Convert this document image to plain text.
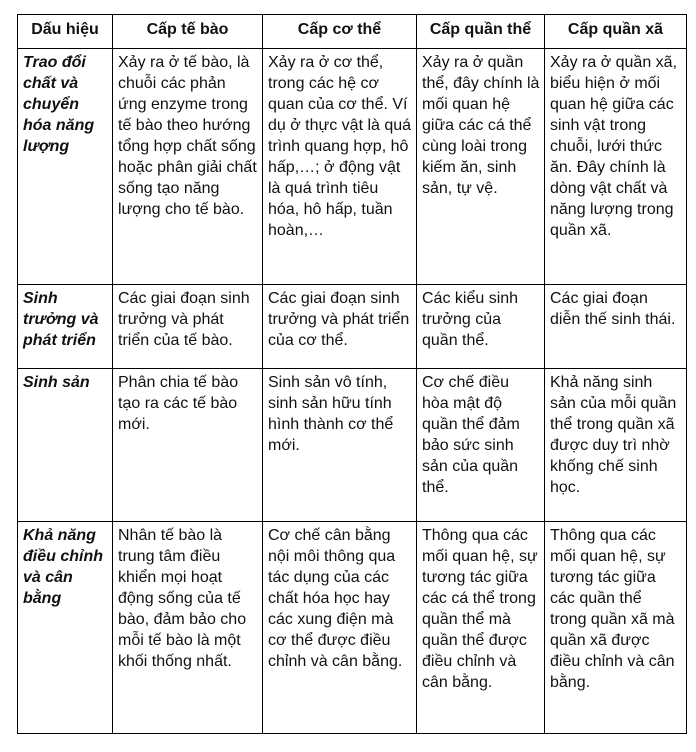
Dấu hiệu	Cấp tế bào	Cấp cơ thể	Cấp quần thể	Cấp quần xã
Trao đổi chất và chuyển hóa năng lượng	Xảy ra ở tế bào, là chuỗi các phản ứng enzyme trong tế bào theo hướng tổng hợp chất sống hoặc phân giải chất sống tạo năng lượng cho tế bào.	Xảy ra ở cơ thể, trong các hệ cơ quan của cơ thể. Ví dụ ở thực vật là quá trình quang hợp, hô hấp,…; ở động vật là quá trình tiêu hóa, hô hấp, tuần hoàn,…	Xảy ra ở quần thể, đây chính là mối quan hệ giữa các cá thể cùng loài trong kiếm ăn, sinh sản, tự vệ.	Xảy ra ở quần xã, biểu hiện ở mối quan hệ giữa các sinh vật trong chuỗi, lưới thức ăn. Đây chính là dòng vật chất và năng lượng trong quần xã.
Sinh trưởng và phát triển	Các giai đoạn sinh trưởng và phát triển của tế bào.	Các giai đoạn sinh trưởng và phát triển của cơ thể.	Các kiểu sinh trưởng của quần thể.	Các giai đoạn diễn thế sinh thái.
Sinh sản	Phân chia tế bào tạo ra các tế bào mới.	Sinh sản vô tính, sinh sản hữu tính hình thành cơ thể mới.	Cơ chế điều hòa mật độ quần thể đảm bảo sức sinh sản của quần thể.	Khả năng sinh sản của mỗi quần thể trong quần xã được duy trì nhờ khống chế sinh học.
Khả năng điều chỉnh và cân bằng	Nhân tế bào là trung tâm điều khiển mọi hoạt động sống của tế bào, đảm bảo cho mỗi tế bào là một khối thống nhất.	Cơ chế cân bằng nội môi thông qua tác dụng của các chất hóa học hay các xung điện mà cơ thể được điều chỉnh và cân bằng.	Thông qua các mối quan hệ, sự tương tác giữa các cá thể trong quần thể mà quần thể được điều chỉnh và cân bằng.	Thông qua các mối quan hệ, sự tương tác giữa các quần thể trong quần xã mà quần xã được điều chỉnh và cân bằng.
